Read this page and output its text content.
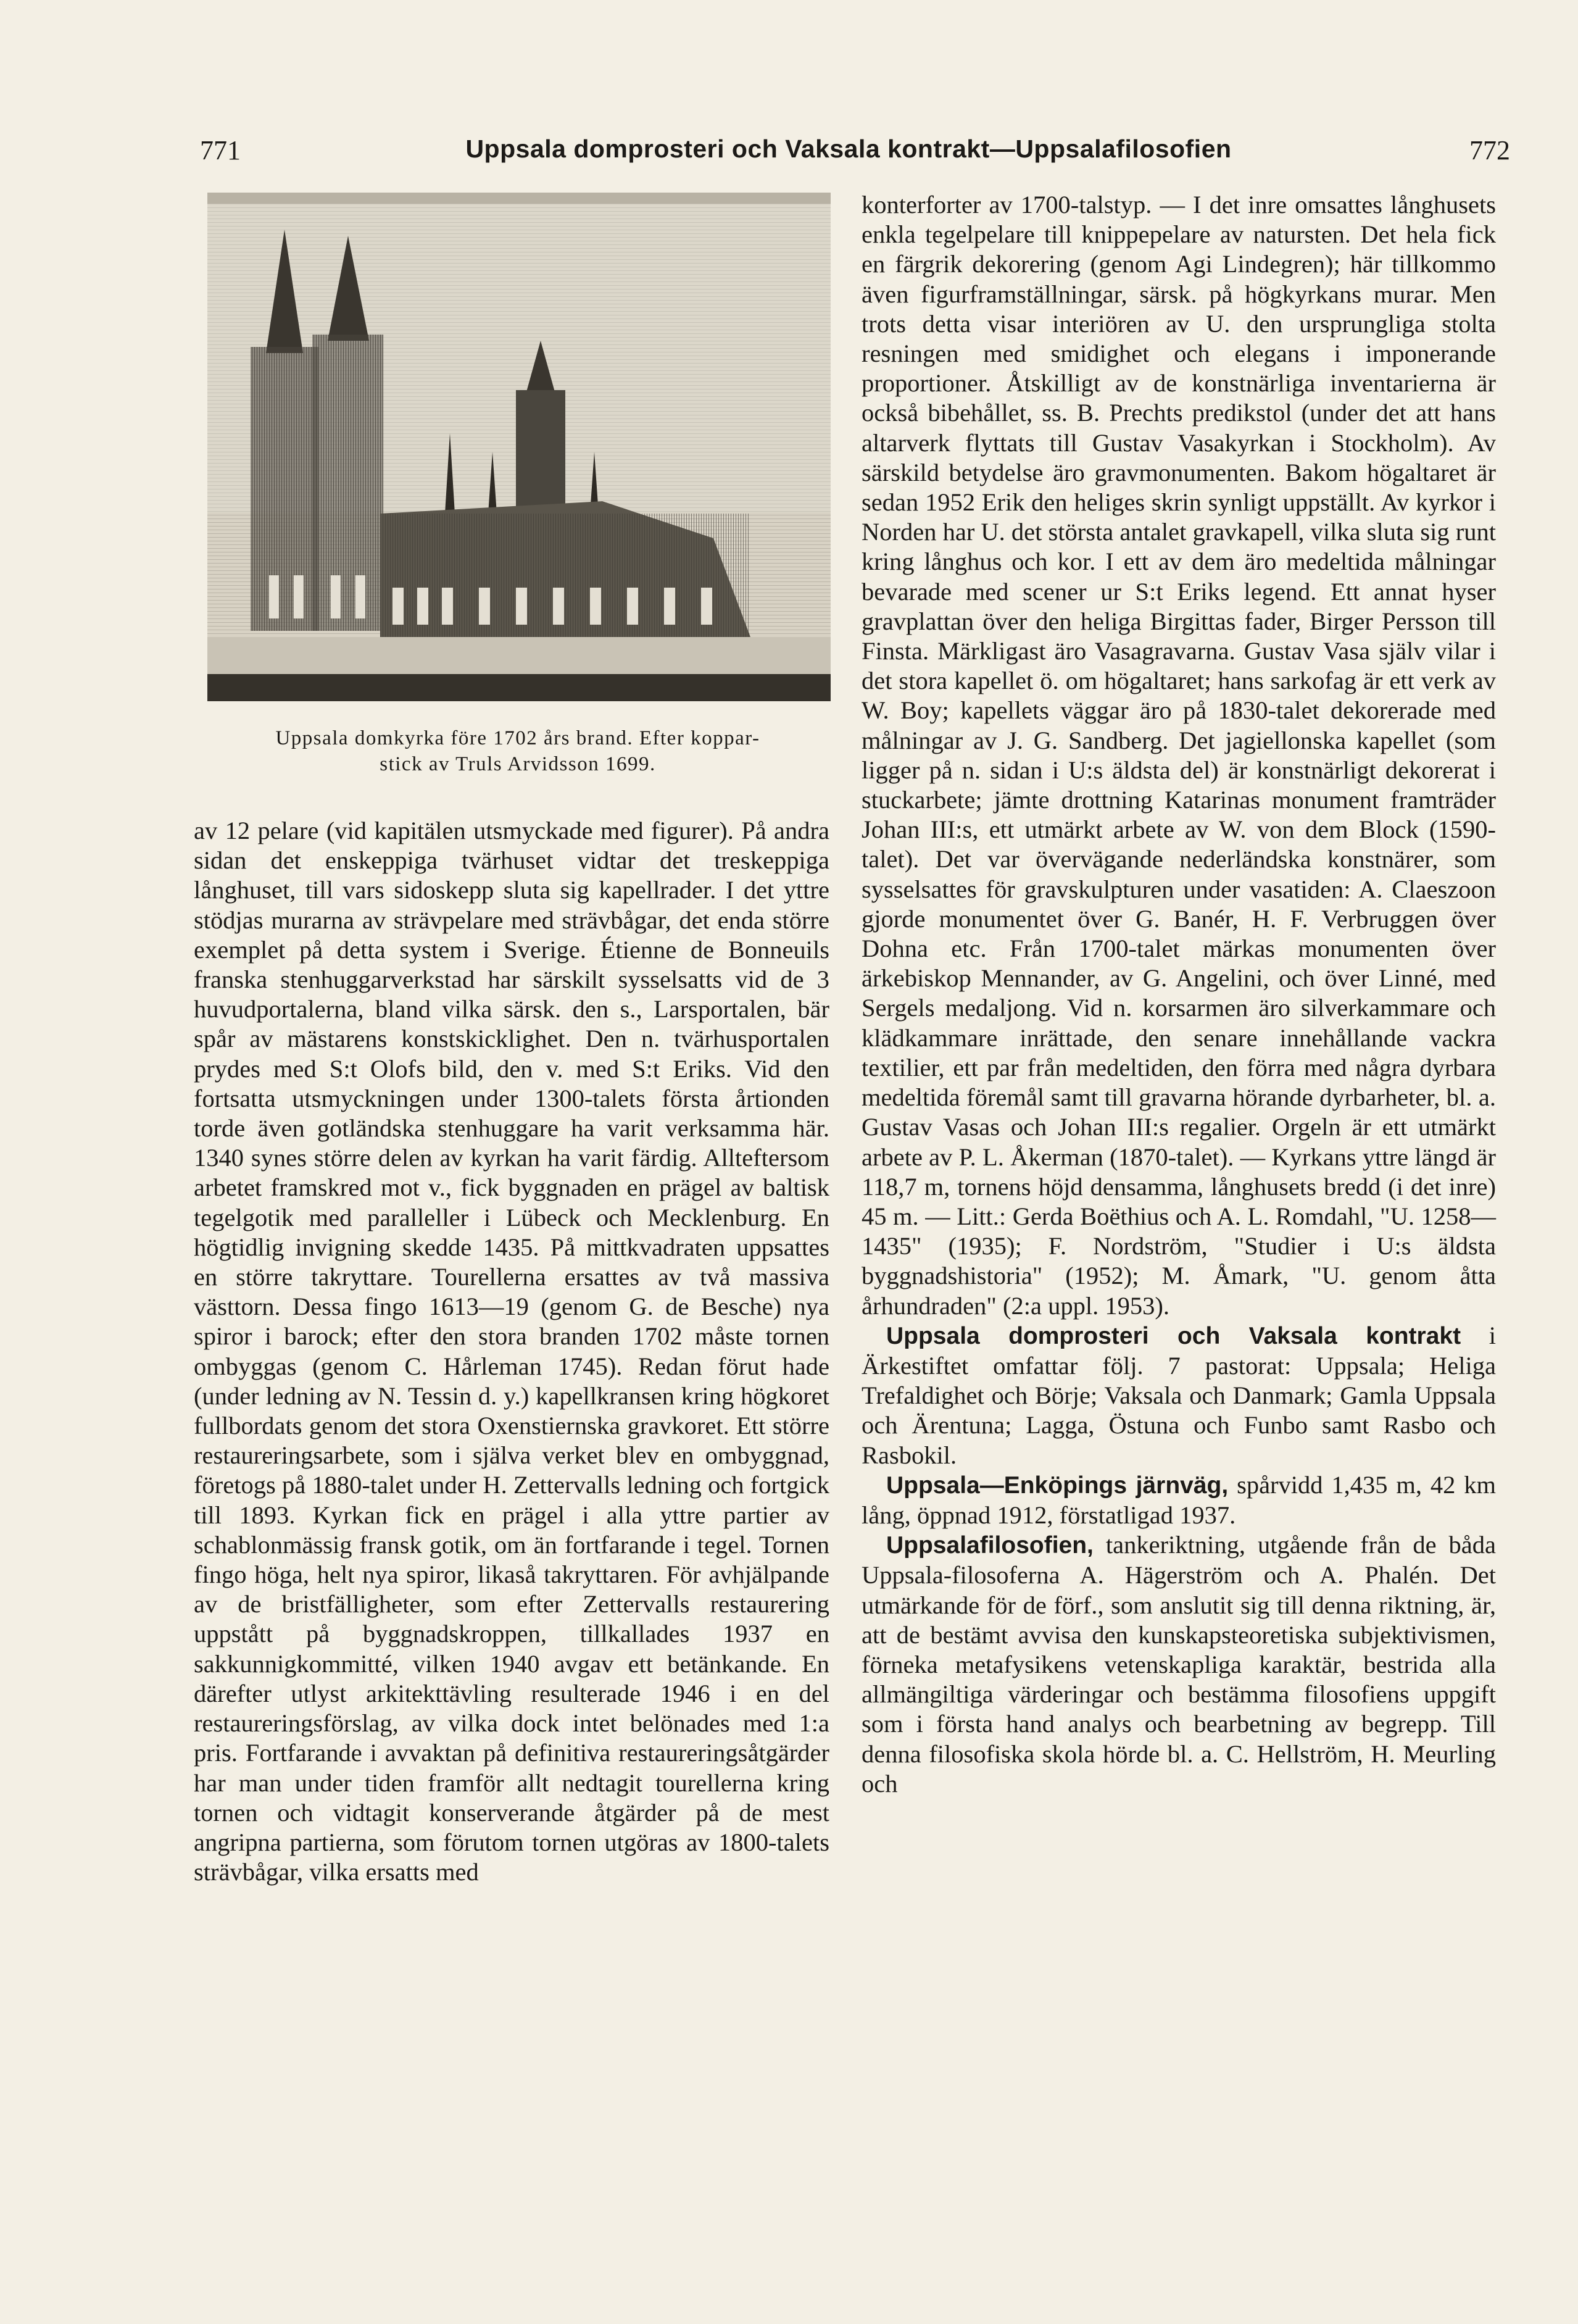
771	Uppsala domprosteri och Vaksala kontrakt—Uppsalafilosofien	772
Uppsala domkyrka före 1702 års brand. Efter koppar-
stick av Truls Arvidsson 1699.

av 12 pelare (vid kapitälen utsmyckade med figurer). På andra sidan det enskeppiga tvärhuset vidtar det treskeppiga långhuset, till vars sidoskepp sluta sig kapellrader. I det yttre stödjas murarna av strävpelare med strävbågar, det enda större exemplet på detta system i Sverige. Étienne de Bonneuils franska stenhuggarverkstad har särskilt sysselsatts vid de 3 huvudportalerna, bland vilka särsk. den s., Larsportalen, bär spår av mästarens konstskicklighet. Den n. tvärhusportalen prydes med S:t Olofs bild, den v. med S:t Eriks. Vid den fortsatta utsmyckningen under 1300-talets första årtionden torde även gotländska stenhuggare ha varit verksamma här. 1340 synes större delen av kyrkan ha varit färdig. Allteftersom arbetet framskred mot v., fick byggnaden en prägel av baltisk tegelgotik med paralleller i Lübeck och Mecklenburg. En högtidlig invigning skedde 1435. På mittkvadraten uppsattes en större takryttare. Tourellerna ersattes av två massiva västtorn. Dessa fingo 1613—19 (genom G. de Besche) nya spiror i barock; efter den stora branden 1702 måste tornen ombyggas (genom C. Hårleman 1745). Redan förut hade (under ledning av N. Tessin d. y.) kapellkransen kring högkoret fullbordats genom det stora Oxenstiernska gravkoret. Ett större restaureringsarbete, som i själva verket blev en ombyggnad, företogs på 1880-talet under H. Zettervalls ledning och fortgick till 1893. Kyrkan fick en prägel i alla yttre partier av schablonmässig fransk gotik, om än fortfarande i tegel. Tornen fingo höga, helt nya spiror, likaså takryttaren. För avhjälpande av de bristfälligheter, som efter Zettervalls restaurering uppstått på byggnadskroppen, tillkallades 1937 en sakkunnigkommitté, vilken 1940 avgav ett betänkande. En därefter utlyst arkitekttävling resulterade 1946 i en del restaureringsförslag, av vilka dock intet belönades med 1:a pris. Fortfarande i avvaktan på definitiva restaureringsåtgärder har man under tiden framför allt nedtagit tourellerna kring tornen och vidtagit konserverande åtgärder på de mest angripna partierna, som förutom tornen utgöras av 1800-talets strävbågar, vilka ersatts med

konterforter av 1700-talstyp. — I det inre omsattes långhusets enkla tegelpelare till knippepelare av natursten. Det hela fick en färgrik dekorering (genom Agi Lindegren); här tillkommo även figurframställningar, särsk. på högkyrkans murar. Men trots detta visar interiören av U. den ursprungliga stolta resningen med smidighet och elegans i imponerande proportioner. Åtskilligt av de konstnärliga inventarierna är också bibehållet, ss. B. Prechts predikstol (under det att hans altarverk flyttats till Gustav Vasakyrkan i Stockholm). Av särskild betydelse äro gravmonumenten. Bakom högaltaret är sedan 1952 Erik den heliges skrin synligt uppställt. Av kyrkor i Norden har U. det största antalet gravkapell, vilka sluta sig runt kring långhus och kor. I ett av dem äro medeltida målningar bevarade med scener ur S:t Eriks legend. Ett annat hyser gravplattan över den heliga Birgittas fader, Birger Persson till Finsta. Märkligast äro Vasagravarna. Gustav Vasa själv vilar i det stora kapellet ö. om högaltaret; hans sarkofag är ett verk av W. Boy; kapellets väggar äro på 1830-talet dekorerade med målningar av J. G. Sandberg. Det jagiellonska kapellet (som ligger på n. sidan i U:s äldsta del) är konstnärligt dekorerat i stuckarbete; jämte drottning Katarinas monument framträder Johan III:s, ett utmärkt arbete av W. von dem Block (1590-talet). Det var övervägande nederländska konstnärer, som sysselsattes för gravskulpturen under vasatiden: A. Claeszoon gjorde monumentet över G. Banér, H. F. Verbruggen över Dohna etc. Från 1700-talet märkas monumenten över ärkebiskop Mennander, av G. Angelini, och över Linné, med Sergels medaljong. Vid n. korsarmen äro silverkammare och klädkammare inrättade, den senare innehållande vackra textilier, ett par från medeltiden, den förra med några dyrbara medeltida föremål samt till gravarna hörande dyrbarheter, bl. a. Gustav Vasas och Johan III:s regalier. Orgeln är ett utmärkt arbete av P. L. Åkerman (1870-talet). — Kyrkans yttre längd är 118,7 m, tornens höjd densamma, långhusets bredd (i det inre) 45 m. — Litt.: Gerda Boëthius och A. L. Romdahl, "U. 1258—1435" (1935); F. Nordström, "Studier i U:s äldsta byggnadshistoria" (1952); M. Åmark, "U. genom åtta århundraden" (2:a uppl. 1953).

Uppsala domprosteri och Vaksala kontrakt i Ärkestiftet omfattar följ. 7 pastorat: Uppsala; Heliga Trefaldighet och Börje; Vaksala och Danmark; Gamla Uppsala och Ärentuna; Lagga, Östuna och Funbo samt Rasbo och Rasbokil.

Uppsala—Enköpings järnväg, spårvidd 1,435 m, 42 km lång, öppnad 1912, förstatligad 1937.

Uppsalafilosofien, tankeriktning, utgående från de båda Uppsala-filosoferna A. Hägerström och A. Phalén. Det utmärkande för de förf., som anslutit sig till denna riktning, är, att de bestämt avvisa den kunskapsteoretiska subjektivismen, förneka metafysikens vetenskapliga karaktär, bestrida alla allmängiltiga värderingar och bestämma filosofiens uppgift som i första hand analys och bearbetning av begrepp. Till denna filosofiska skola hörde bl. a. C. Hellström, H. Meurling och
